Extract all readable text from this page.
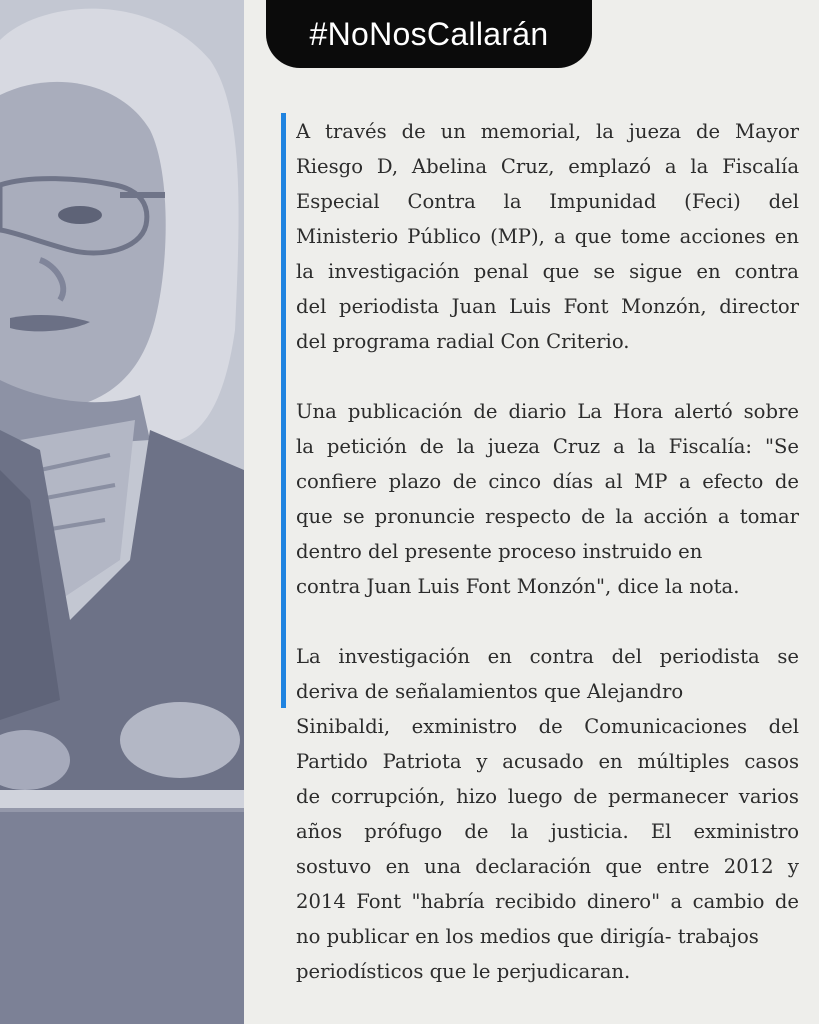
#NoNosCallarán
A través de un memorial, la jueza de Mayor
Riesgo D, Abelina Cruz, emplazó a la Fiscalía
Especial Contra la Impunidad (Feci) del
Ministerio Público (MP), a que tome acciones en
la investigación penal que se sigue en contra
del periodista Juan Luis Font Monzón, director
del programa radial Con Criterio.
Una publicación de diario La Hora alertó sobre
la petición de la jueza Cruz a la Fiscalía: "Se
confiere plazo de cinco días al MP a efecto de
que se pronuncie respecto de la acción a tomar
dentro del presente proceso instruido en
contra Juan Luis Font Monzón", dice la nota.
La investigación en contra del periodista se
deriva de señalamientos que Alejandro
Sinibaldi, exministro de Comunicaciones del
Partido Patriota y acusado en múltiples casos
de corrupción, hizo luego de permanecer varios
años prófugo de la justicia. El exministro
sostuvo en una declaración que entre 2012 y
2014 Font "habría recibido dinero" a cambio de
no publicar en los medios que dirigía- trabajos
periodísticos que le perjudicaran.
